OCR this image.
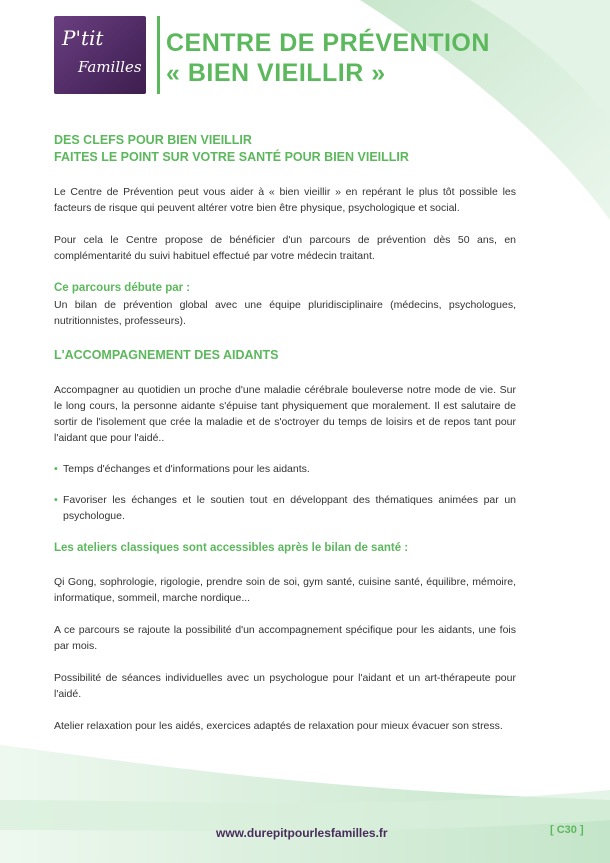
P'tit
Familles
CENTRE DE PRÉVENTION
« BIEN VIEILLIR »

DES CLEFS POUR BIEN VIEILLIR
FAITES LE POINT SUR VOTRE SANTÉ POUR BIEN VIEILLIR

Le Centre de Prévention peut vous aider à « bien vieillir » en repérant le plus tôt possible les facteurs de risque qui peuvent altérer votre bien être physique, psychologique et social.

Pour cela le Centre propose de bénéficier d'un parcours de prévention dès 50 ans, en complémentarité du suivi habituel effectué par votre médecin traitant.

Ce parcours débute par :

Un bilan de prévention global avec une équipe pluridisciplinaire (médecins, psychologues, nutritionnistes, professeurs).

L'ACCOMPAGNEMENT DES AIDANTS

Accompagner au quotidien un proche d'une maladie cérébrale bouleverse notre mode de vie. Sur le long cours, la personne aidante s'épuise tant physiquement que moralement. Il est salutaire de sortir de l'isolement que crée la maladie et de s'octroyer du temps de loisirs et de repos tant pour l'aidant que pour l'aidé..

• Temps d'échanges et d'informations pour les aidants.

• Favoriser les échanges et le soutien tout en développant des thématiques animées par un psychologue.

Les ateliers classiques sont accessibles après le bilan de santé :

Qi Gong, sophrologie, rigologie, prendre soin de soi, gym santé, cuisine santé, équilibre, mémoire, informatique, sommeil, marche nordique...

A ce parcours se rajoute la possibilité d'un accompagnement spécifique pour les aidants, une fois par mois.

Possibilité de séances individuelles avec un psychologue pour l'aidant et un art-thérapeute pour l'aidé.

Atelier relaxation pour les aidés, exercices adaptés de relaxation pour mieux évacuer son stress.

www.durepitpourlesfamilles.fr	[ C30 ]
